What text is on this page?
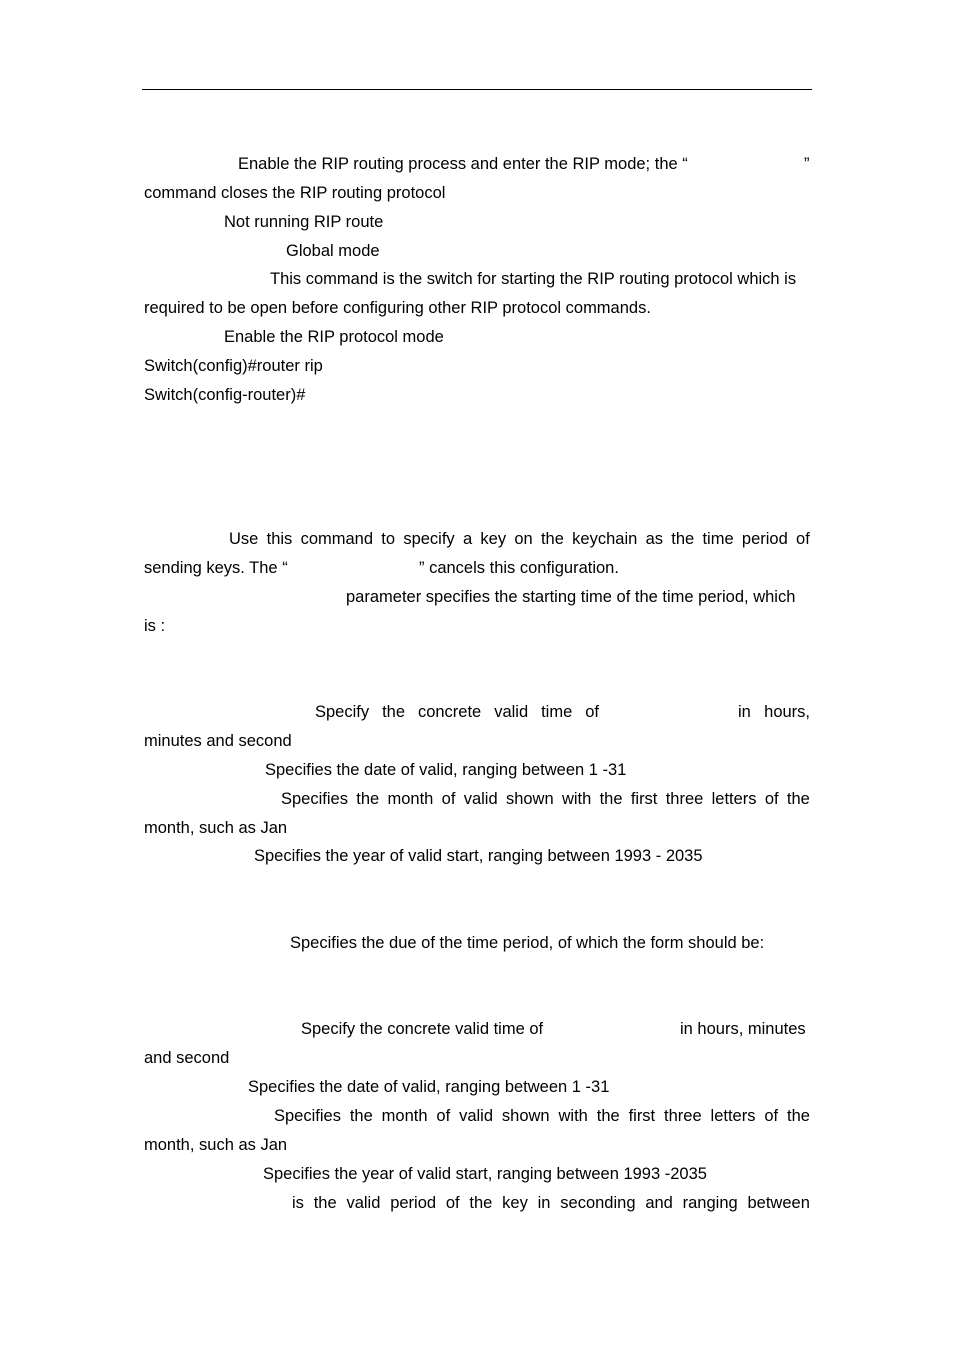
Enable the RIP routing process and enter the RIP mode; the “	”
command closes the RIP routing protocol
Not running RIP route
Global mode
This command is the switch for starting the RIP routing protocol which is
required to be open before configuring other RIP protocol commands.
Enable the RIP protocol mode
Switch(config)#router rip
Switch(config-router)#
Use this command to specify a key on the keychain as the time period of
sending keys. The “	” cancels this configuration.
parameter specifies the starting time of the time period, which
is :
Specify the concrete valid time of	in hours,
minutes and second
Specifies the date of valid, ranging between 1 -31
Specifies the month of valid shown with the first three letters of the
month, such as Jan
Specifies the year of valid start, ranging between 1993 - 2035
Specifies the due of the time period, of which the form should be:
Specify the concrete valid time of	in hours, minutes
and second
Specifies the date of valid, ranging between 1 -31
Specifies the month of valid shown with the first three letters of the
month, such as Jan
Specifies the year of valid start, ranging between 1993 -2035
is the valid period of the key in seconding and ranging between
